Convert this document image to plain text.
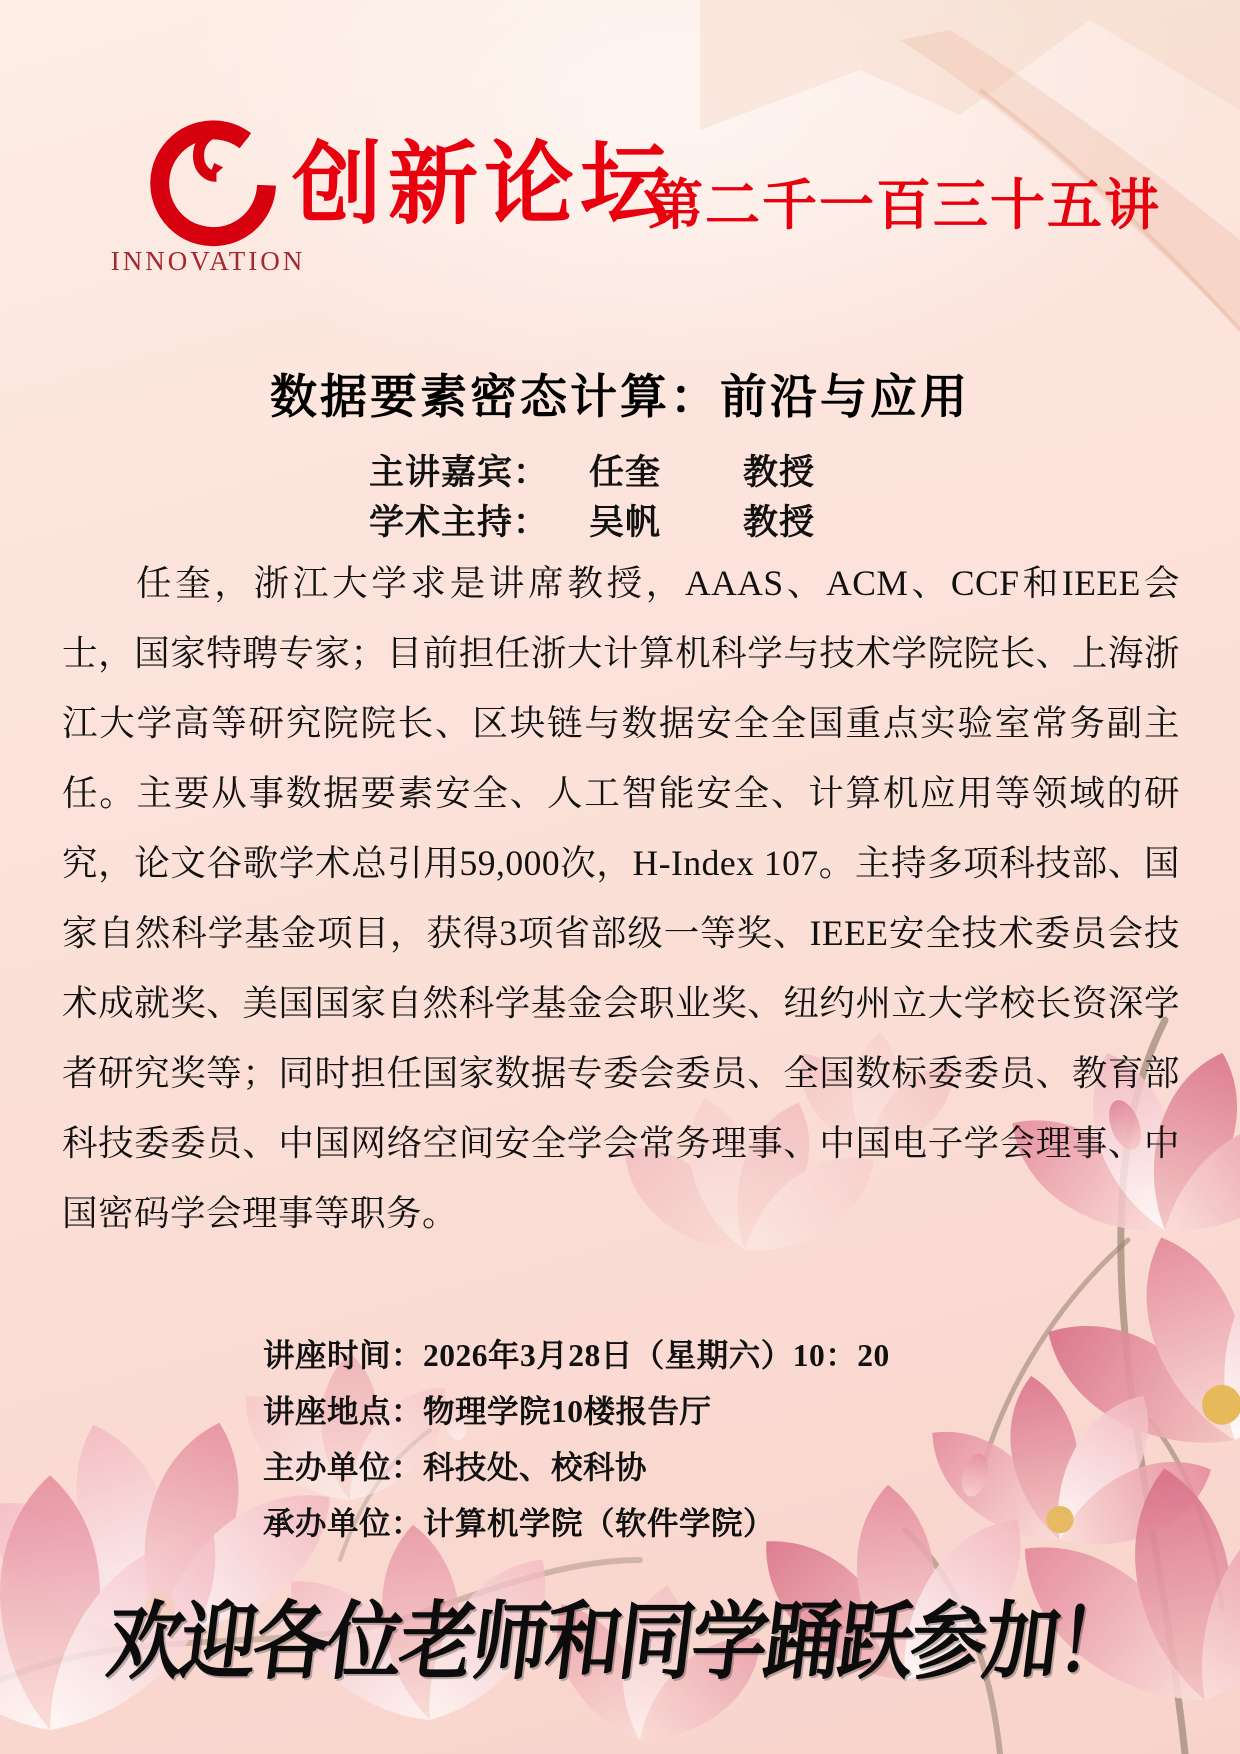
INNOVATION
创新论坛
第二千一百三十五讲
数据要素密态计算：前沿与应用
主讲嘉宾： 任奎 教授
学术主持： 吴帆 教授

任奎，浙江大学求是讲席教授，AAAS、ACM、CCF和IEEE会士，国家特聘专家；目前担任浙大计算机科学与技术学院院长、上海浙江大学高等研究院院长、区块链与数据安全全国重点实验室常务副主任。主要从事数据要素安全、人工智能安全、计算机应用等领域的研究，论文谷歌学术总引用59,000次，H-Index 107。主持多项科技部、国家自然科学基金项目，获得3项省部级一等奖、IEEE安全技术委员会技术成就奖、美国国家自然科学基金会职业奖、纽约州立大学校长资深学者研究奖等；同时担任国家数据专委会委员、全国数标委委员、教育部科技委委员、中国网络空间安全学会常务理事、中国电子学会理事、中国密码学会理事等职务。

讲座时间：2026年3月28日（星期六）10：20
讲座地点：物理学院10楼报告厅
主办单位：科技处、校科协
承办单位：计算机学院（软件学院）
欢迎各位老师和同学踊跃参加！
